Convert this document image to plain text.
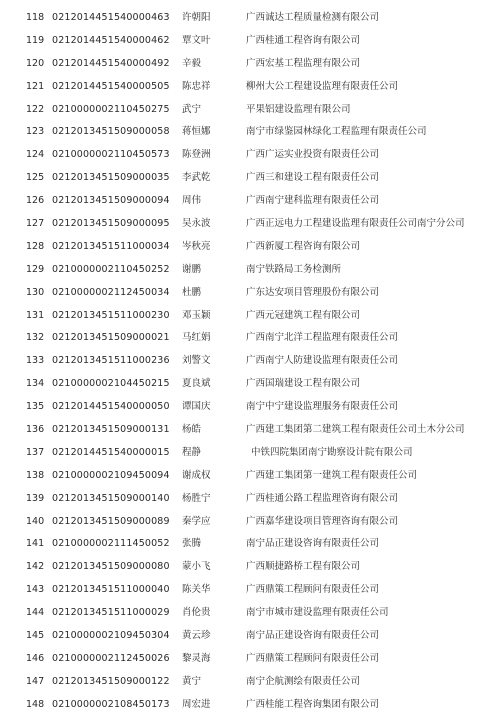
118 0212014451540000463 许朝阳	广西诚达工程质量检测有限公司
119 0212014451540000462 覃文叶	广西桂通工程咨询有限公司
120 0212014451540000492 辛毅	广西宏基工程监理有限公司
121 0212014451540000505 陈忠祥	柳州大公工程建设监理有限责任公司
122 0210000002110450275 武宁	平果铝建设监理有限公司
123 0212013451509000058 蒋恒娜	南宁市绿鉴园林绿化工程监理有限责任公司
124 0210000002110450573 陈登洲	广西广运实业投资有限责任公司
125 0212013451509000035 李武乾	广西三和建设工程有限责任公司
126 0212013451509000094 周伟	广西南宁建科监理有限责任公司
127 0212013451509000095 吴永波	广西正远电力工程建设监理有限责任公司南宁分公司
128 0212013451511000034 岑秋亮	广西新厦工程咨询有限公司
129 0210000002110450252 谢鹏	南宁铁路局工务检测所
130 0210000002112450034 杜鹏	广东达安项目管理股份有限公司
131 0212013451511000230 邓玉颖	广西元冠建筑工程有限公司
132 0212013451509000021 马红娟	广西南宁北洋工程监理有限责任公司
133 0212013451511000236 刘警文	广西南宁人防建设监理有限责任公司
134 0210000002104450215 夏良斌	广西国瑞建设工程有限公司
135 0212014451540000050 谭国庆	南宁中宁建设监理服务有限责任公司
136 0212013451509000131 杨皓	广西建工集团第二建筑工程有限责任公司土木分公司
137 0212014451540000015 程静	中铁四院集团南宁勘察设计院有限公司
138 0210000002109450094 谢成权	广西建工集团第一建筑工程有限责任公司
139 0212013451509000140 杨胜宁	广西桂通公路工程监理咨询有限公司
140 0212013451509000089 秦学应	广西嘉华建设项目管理咨询有限公司
141 0210000002111450052 张腾	南宁品正建设咨询有限责任公司
142 0212013451509000080 蒙小飞	广西顺捷路桥工程有限公司
143 0212013451511000040 陈关华	广西鼎策工程顾问有限责任公司
144 0212013451511000029 肖伦贵	南宁市城市建设监理有限责任公司
145 0210000002109450304 黄云珍	南宁品正建设咨询有限责任公司
146 0210000002112450026 黎灵海	广西鼎策工程顾问有限责任公司
147 0212013451509000122 黄宁	南宁企航测绘有限责任公司
148 0210000002108450173 周宏进	广西桂能工程咨询集团有限公司
